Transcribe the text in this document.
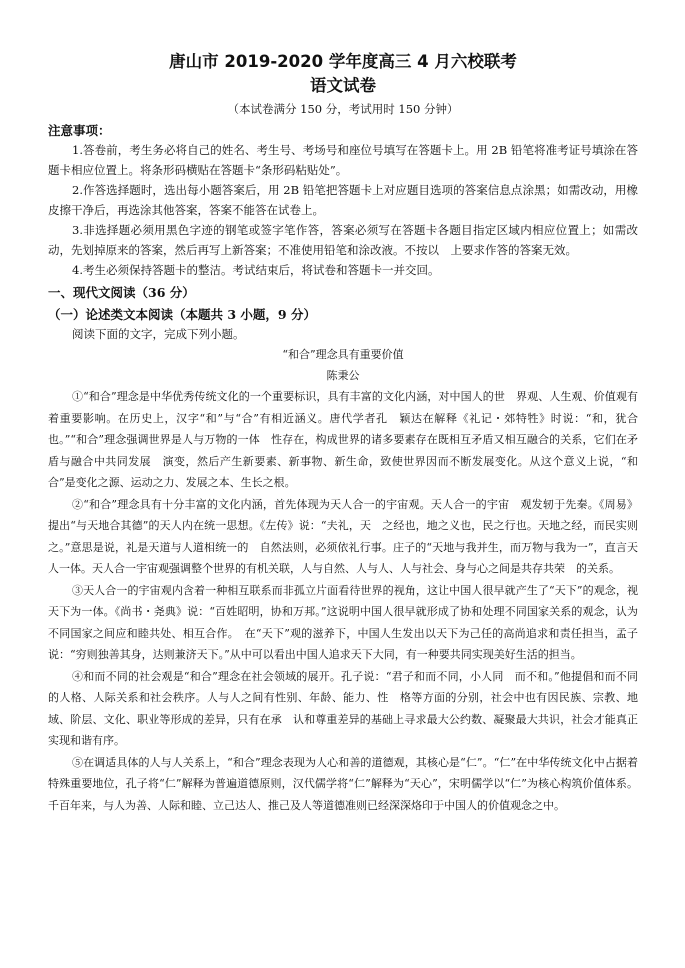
唐山市 2019-2020 学年度高三 4 月六校联考
语文试卷
（本试卷满分 150 分，考试用时 150 分钟）
注意事项：
1.答卷前，考生务必将自己的姓名、考生号、考场号和座位号填写在答题卡上。用 2B 铅笔将准考证号填涂在答题卡相应位置上。将条形码横贴在答题卡“条形码粘贴处”。
2.作答选择题时，选出每小题答案后，用 2B 铅笔把答题卡上对应题目选项的答案信息点涂黑；如需改动，用橡皮擦干净后，再选涂其他答案，答案不能答在试卷上。
3.非选择题必须用黑色字迹的钢笔或签字笔作答，答案必须写在答题卡各题目指定区域内相应位置上；如需改动，先划掉原来的答案，然后再写上新答案；不准使用铅笔和涂改液。不按以　上要求作答的答案无效。
4.考生必须保持答题卡的整洁。考试结束后，将试卷和答题卡一并交回。
一、现代文阅读（36 分）
（一）论述类文本阅读（本题共 3 小题，9 分）
阅读下面的文字，完成下列小题。
“和合”理念具有重要价值
陈秉公
①“和合”理念是中华优秀传统文化的一个重要标识，具有丰富的文化内涵，对中国人的世　界观、人生观、价值观有着重要影响。在历史上，汉字“和”与“合”有相近涵义。唐代学者孔　颖达在解释《礼记・郊特牲》时说：“和，犹合也。”“和合”理念强调世界是人与万物的一体　性存在，构成世界的诸多要素存在既相互矛盾又相互融合的关系，它们在矛盾与融合中共同发展　演变，然后产生新要素、新事物、新生命，致使世界因而不断发展变化。从这个意义上说，“和　合”是变化之源、运动之力、发展之本、生长之根。
②“和合”理念具有十分丰富的文化内涵，首先体现为天人合一的宇宙观。天人合一的宇宙　观发轫于先秦。《周易》提出“与天地合其德”的天人内在统一思想。《左传》说：“夫礼，天　之经也，地之义也，民之行也。天地之经，而民实则之。”意思是说，礼是天道与人道相统一的　自然法则，必须依礼行事。庄子的“天地与我并生，而万物与我为一”，直言天人一体。天人合一宇宙观强调整个世界的有机关联，人与自然、人与人、人与社会、身与心之间是共存共荣　的关系。
③天人合一的宇宙观内含着一种相互联系而非孤立片面看待世界的视角，这让中国人很早就产生了“天下”的观念，视天下为一体。《尚书・尧典》说：“百姓昭明，协和万邦。”这说明中国人很早就形成了协和处理不同国家关系的观念，认为不同国家之间应和睦共处、相互合作。　在“天下”观的滋养下，中国人生发出以天下为己任的高尚追求和责任担当，孟子说：“穷则独善其身，达则兼济天下。”从中可以看出中国人追求天下大同，有一种要共同实现美好生活的担当。
④和而不同的社会观是“和合”理念在社会领域的展开。孔子说：“君子和而不同，小人同　而不和。”他提倡和而不同的人格、人际关系和社会秩序。人与人之间有性别、年龄、能力、性　格等方面的分别，社会中也有因民族、宗教、地域、阶层、文化、职业等形成的差异，只有在承　认和尊重差异的基础上寻求最大公约数、凝聚最大共识，社会才能真正实现和谐有序。
⑤在调适具体的人与人关系上，“和合”理念表现为人心和善的道德观，其核心是“仁”。“仁”在中华传统文化中占据着特殊重要地位，孔子将“仁”解释为普遍道德原则，汉代儒学将“仁”解释为“天心”，宋明儒学以“仁”为核心构筑价值体系。千百年来，与人为善、人际和睦、立己达人、推己及人等道德准则已经深深烙印于中国人的价值观念之中。
